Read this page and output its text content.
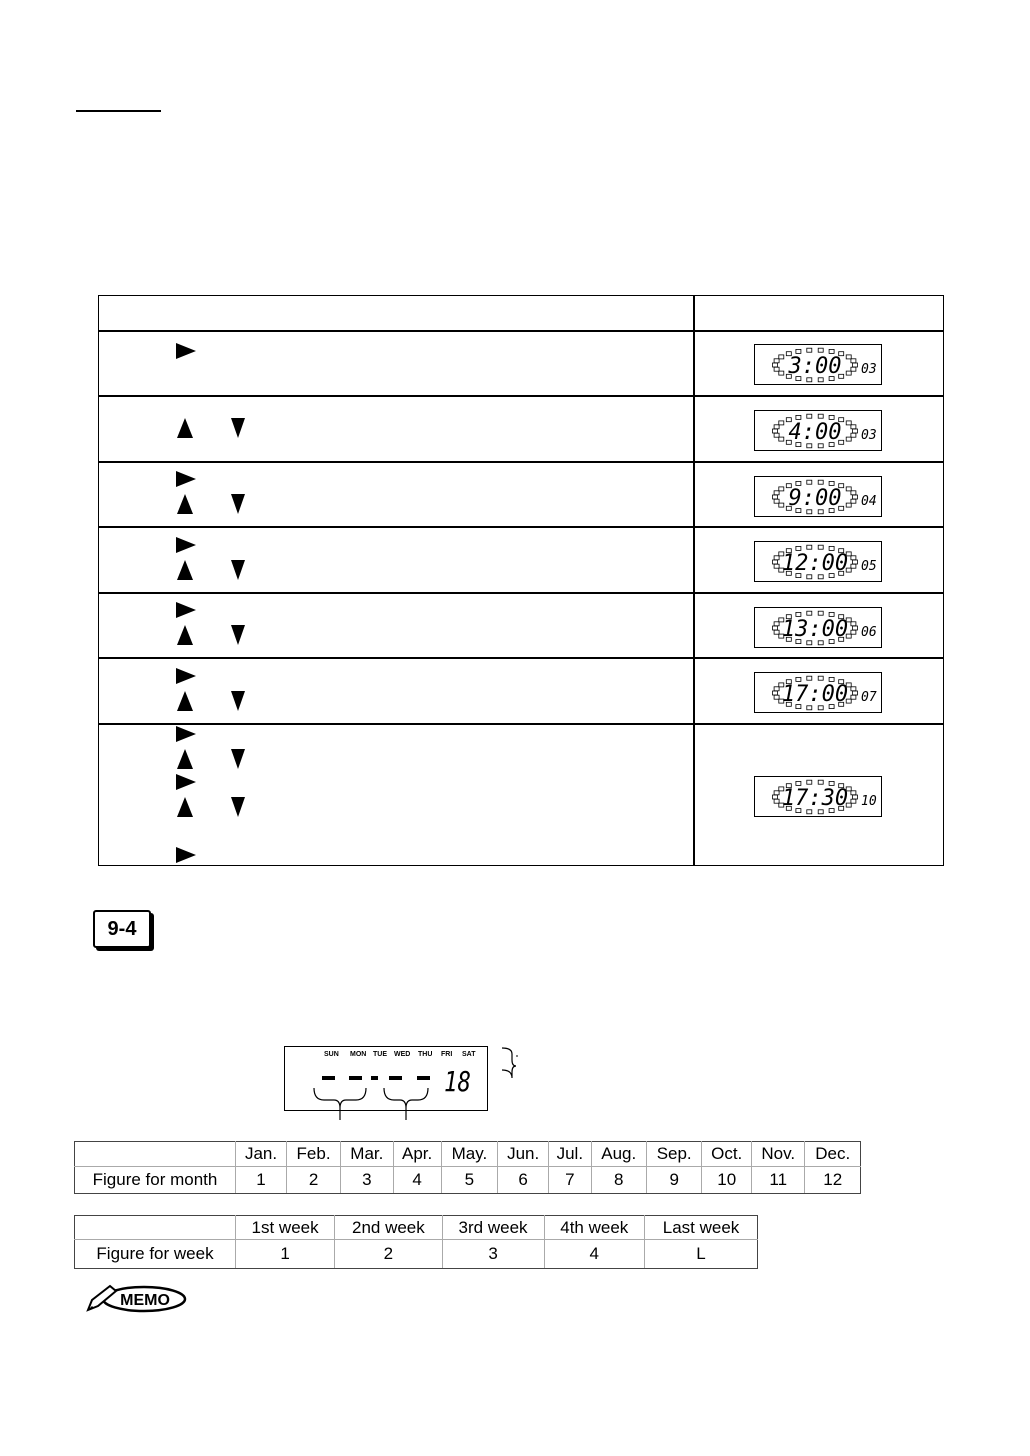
3:00 03
4:00 03
9:00 04
12:00 05
13:00 06
17:00 07
17:30 10
9-4
SUN MON TUE WED THU FRI SAT
18
	Jan.	Feb.	Mar.	Apr.	May.	Jun.	Jul.	Aug.	Sep.	Oct.	Nov.	Dec.
Figure for month	1	2	3	4	5	6	7	8	9	10	11	12
	1st week	2nd week	3rd week	4th week	Last week
Figure for week	1	2	3	4	L
MEMO
